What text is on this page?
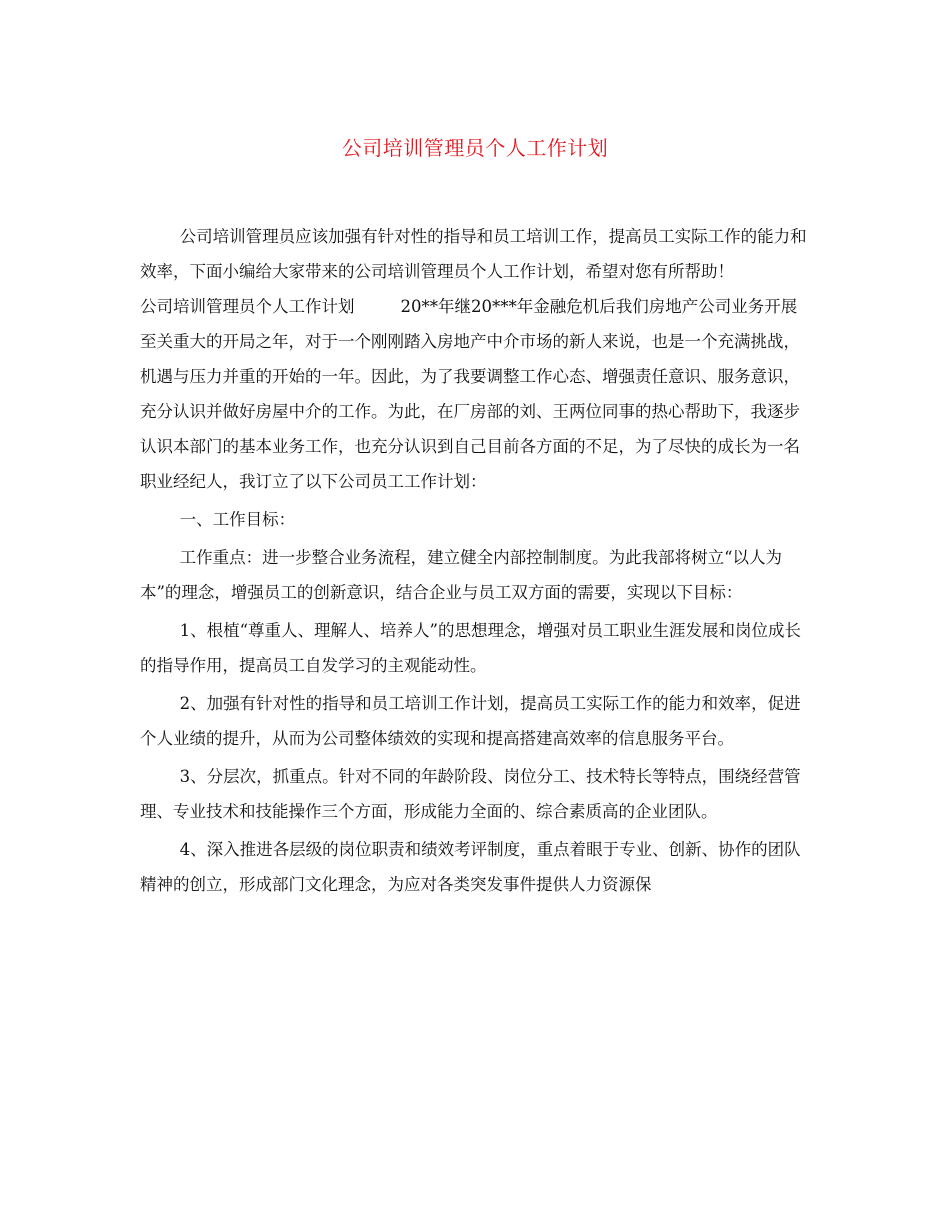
公司培训管理员个人工作计划

公司培训管理员应该加强有针对性的指导和员工培训工作，提高员工实际工作的能力和效率，下面小编给大家带来的公司培训管理员个人工作计划，希望对您有所帮助！

公司培训管理员个人工作计划	20**年继20***年金融危机后我们房地产公司业务开展至关重大的开局之年，对于一个刚刚踏入房地产中介市场的新人来说，也是一个充满挑战，机遇与压力并重的开始的一年。因此，为了我要调整工作心态、增强责任意识、服务意识，充分认识并做好房屋中介的工作。为此，在厂房部的刘、王两位同事的热心帮助下，我逐步认识本部门的基本业务工作，也充分认识到自己目前各方面的不足，为了尽快的成长为一名职业经纪人，我订立了以下公司员工工作计划：

一、工作目标：

工作重点：进一步整合业务流程，建立健全内部控制制度。为此我部将树立“以人为本”的理念，增强员工的创新意识，结合企业与员工双方面的需要，实现以下目标：

1、根植“尊重人、理解人、培养人”的思想理念，增强对员工职业生涯发展和岗位成长的指导作用，提高员工自发学习的主观能动性。

2、加强有针对性的指导和员工培训工作计划，提高员工实际工作的能力和效率，促进个人业绩的提升，从而为公司整体绩效的实现和提高搭建高效率的信息服务平台。

3、分层次，抓重点。针对不同的年龄阶段、岗位分工、技术特长等特点，围绕经营管理、专业技术和技能操作三个方面，形成能力全面的、综合素质高的企业团队。

4、深入推进各层级的岗位职责和绩效考评制度，重点着眼于专业、创新、协作的团队精神的创立，形成部门文化理念，为应对各类突发事件提供人力资源保
